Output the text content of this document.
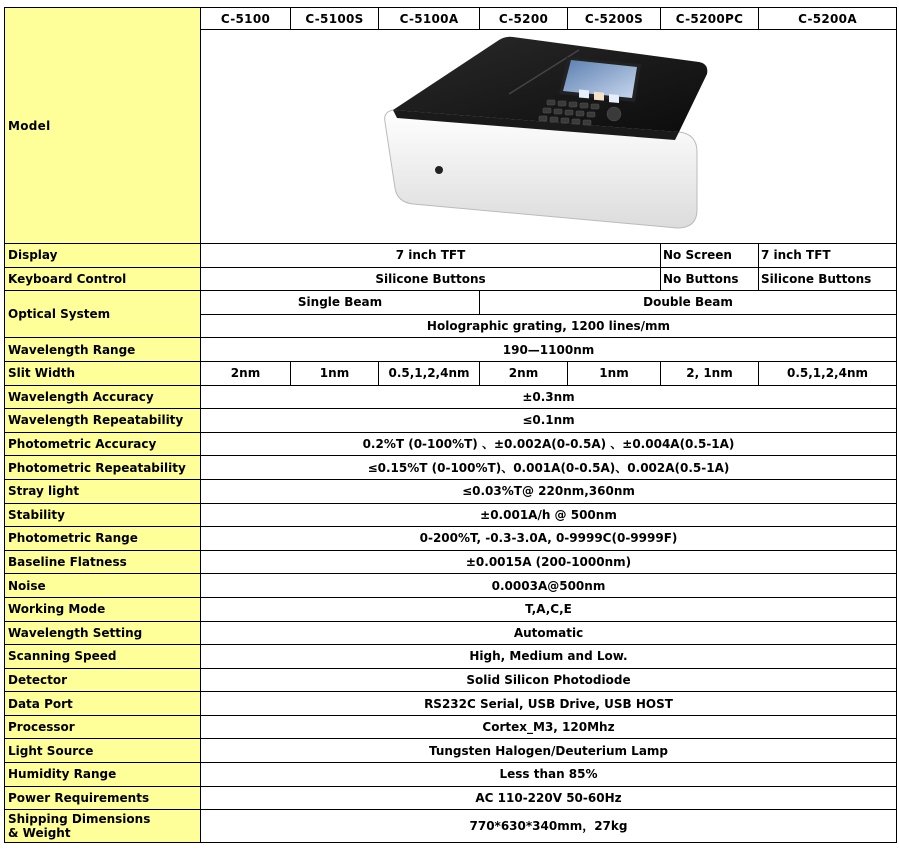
Model	C-5100	C-5100S	C-5100A	C-5200	C-5200S	C-5200PC	C-5200A

Display	7 inch TFT					No Screen	7 inch TFT
Keyboard Control	Silicone Buttons					No Buttons	Silicone Buttons
Optical System	Single Beam			Double Beam			
	Holographic grating, 1200 lines/mm						
Wavelength Range	190—1100nm						
Slit Width	2nm	1nm	0.5,1,2,4nm	2nm	1nm	2, 1nm	0.5,1,2,4nm
Wavelength Accuracy	±0.3nm						
Wavelength Repeatability	≤0.1nm						
Photometric Accuracy	0.2%T (0-100%T) 、±0.002A(0-0.5A) 、±0.004A(0.5-1A)						
Photometric Repeatability	≤0.15%T (0-100%T)、0.001A(0-0.5A)、0.002A(0.5-1A)						
Stray light	≤0.03%T@ 220nm,360nm						
Stability	±0.001A/h @ 500nm						
Photometric Range	0-200%T, -0.3-3.0A, 0-9999C(0-9999F)						
Baseline Flatness	±0.0015A (200-1000nm)						
Noise	0.0003A@500nm						
Working Mode	T,A,C,E						
Wavelength Setting	Automatic						
Scanning Speed	High, Medium and Low.						
Detector	Solid Silicon Photodiode						
Data Port	RS232C Serial, USB Drive, USB HOST						
Processor	Cortex_M3, 120Mhz						
Light Source	Tungsten Halogen/Deuterium Lamp						
Humidity Range	Less than 85%						
Power Requirements	AC 110-220V 50-60Hz						
Shipping Dimensions
& Weight	770*630*340mm，27kg						
